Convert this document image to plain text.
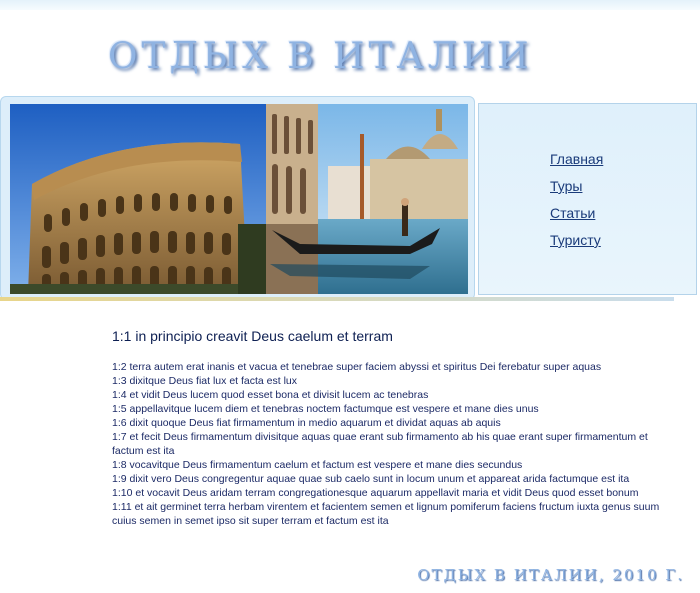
ОТДЫХ В ИТАЛИИ
Главная
Туры
Статьи
Туристу
1:1 in principio creavit Deus caelum et terram

1:2 terra autem erat inanis et vacua et tenebrae super faciem abyssi et spiritus Dei ferebatur super aquas

1:3 dixitque Deus fiat lux et facta est lux

1:4 et vidit Deus lucem quod esset bona et divisit lucem ac tenebras

1:5 appellavitque lucem diem et tenebras noctem factumque est vespere et mane dies unus

1:6 dixit quoque Deus fiat firmamentum in medio aquarum et dividat aquas ab aquis

1:7 et fecit Deus firmamentum divisitque aquas quae erant sub firmamento ab his quae erant super firmamentum et factum est ita

1:8 vocavitque Deus firmamentum caelum et factum est vespere et mane dies secundus

1:9 dixit vero Deus congregentur aquae quae sub caelo sunt in locum unum et appareat arida factumque est ita

1:10 et vocavit Deus aridam terram congregationesque aquarum appellavit maria et vidit Deus quod esset bonum

1:11 et ait germinet terra herbam virentem et facientem semen et lignum pomiferum faciens fructum iuxta genus suum cuius semen in semet ipso sit super terram et factum est ita

ОТДЫХ В ИТАЛИИ, 2010 Г.
